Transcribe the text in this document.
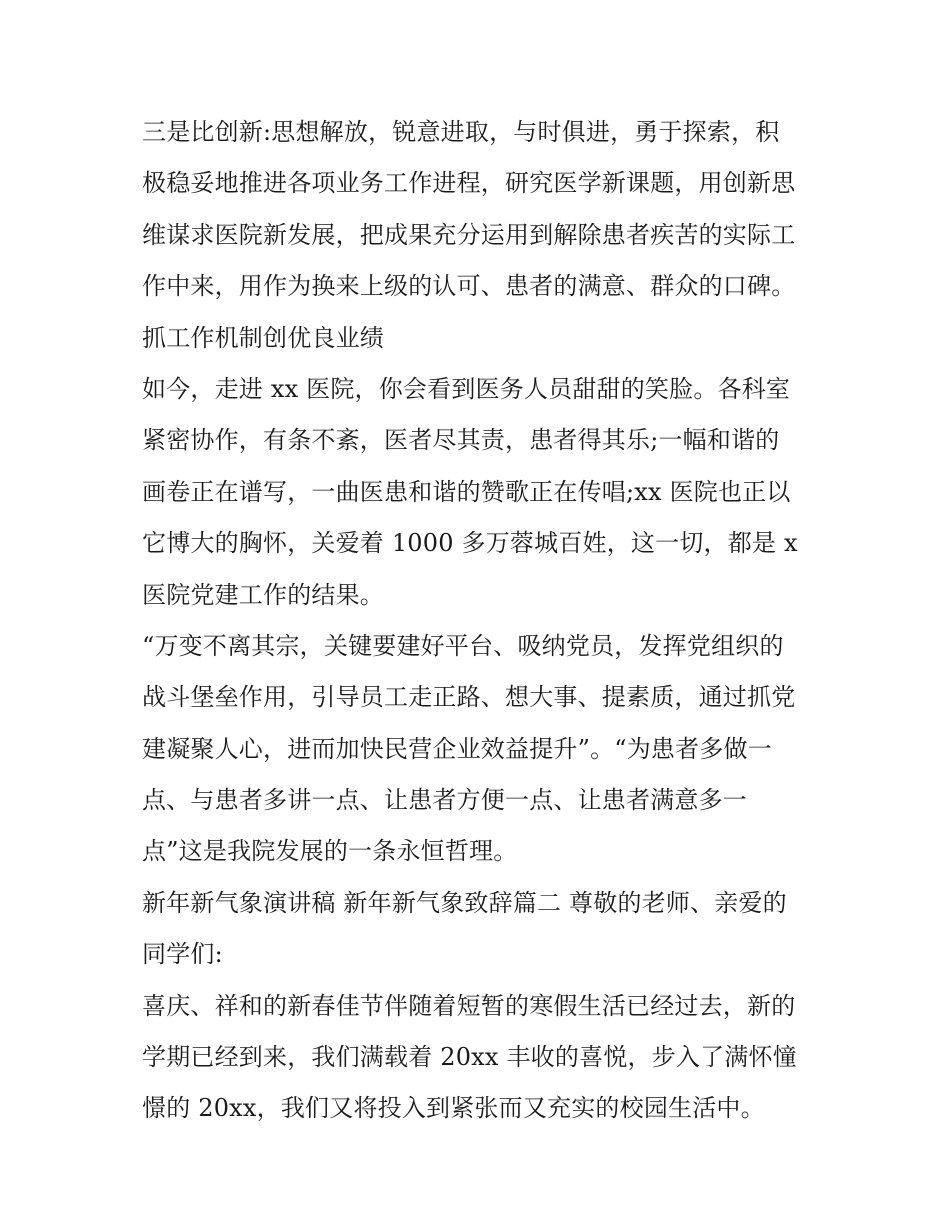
三是比创新:思想解放，锐意进取，与时俱进，勇于探索，积
极稳妥地推进各项业务工作进程，研究医学新课题，用创新思
维谋求医院新发展，把成果充分运用到解除患者疾苦的实际工
作中来，用作为换来上级的认可、患者的满意、群众的口碑。
抓工作机制创优良业绩
如今，走进 xx 医院，你会看到医务人员甜甜的笑脸。各科室
紧密协作，有条不紊，医者尽其责，患者得其乐;一幅和谐的
画卷正在谱写，一曲医患和谐的赞歌正在传唱;xx 医院也正以
它博大的胸怀，关爱着 1000 多万蓉城百姓，这一切，都是 x
医院党建工作的结果。
“万变不离其宗，关键要建好平台、吸纳党员，发挥党组织的
战斗堡垒作用，引导员工走正路、想大事、提素质，通过抓党
建凝聚人心，进而加快民营企业效益提升”。“为患者多做一
点、与患者多讲一点、让患者方便一点、让患者满意多一
点”这是我院发展的一条永恒哲理。
新年新气象演讲稿 新年新气象致辞篇二 尊敬的老师、亲爱的
同学们:
喜庆、祥和的新春佳节伴随着短暂的寒假生活已经过去，新的
学期已经到来，我们满载着 20xx 丰收的喜悦，步入了满怀憧
憬的 20xx，我们又将投入到紧张而又充实的校园生活中。
